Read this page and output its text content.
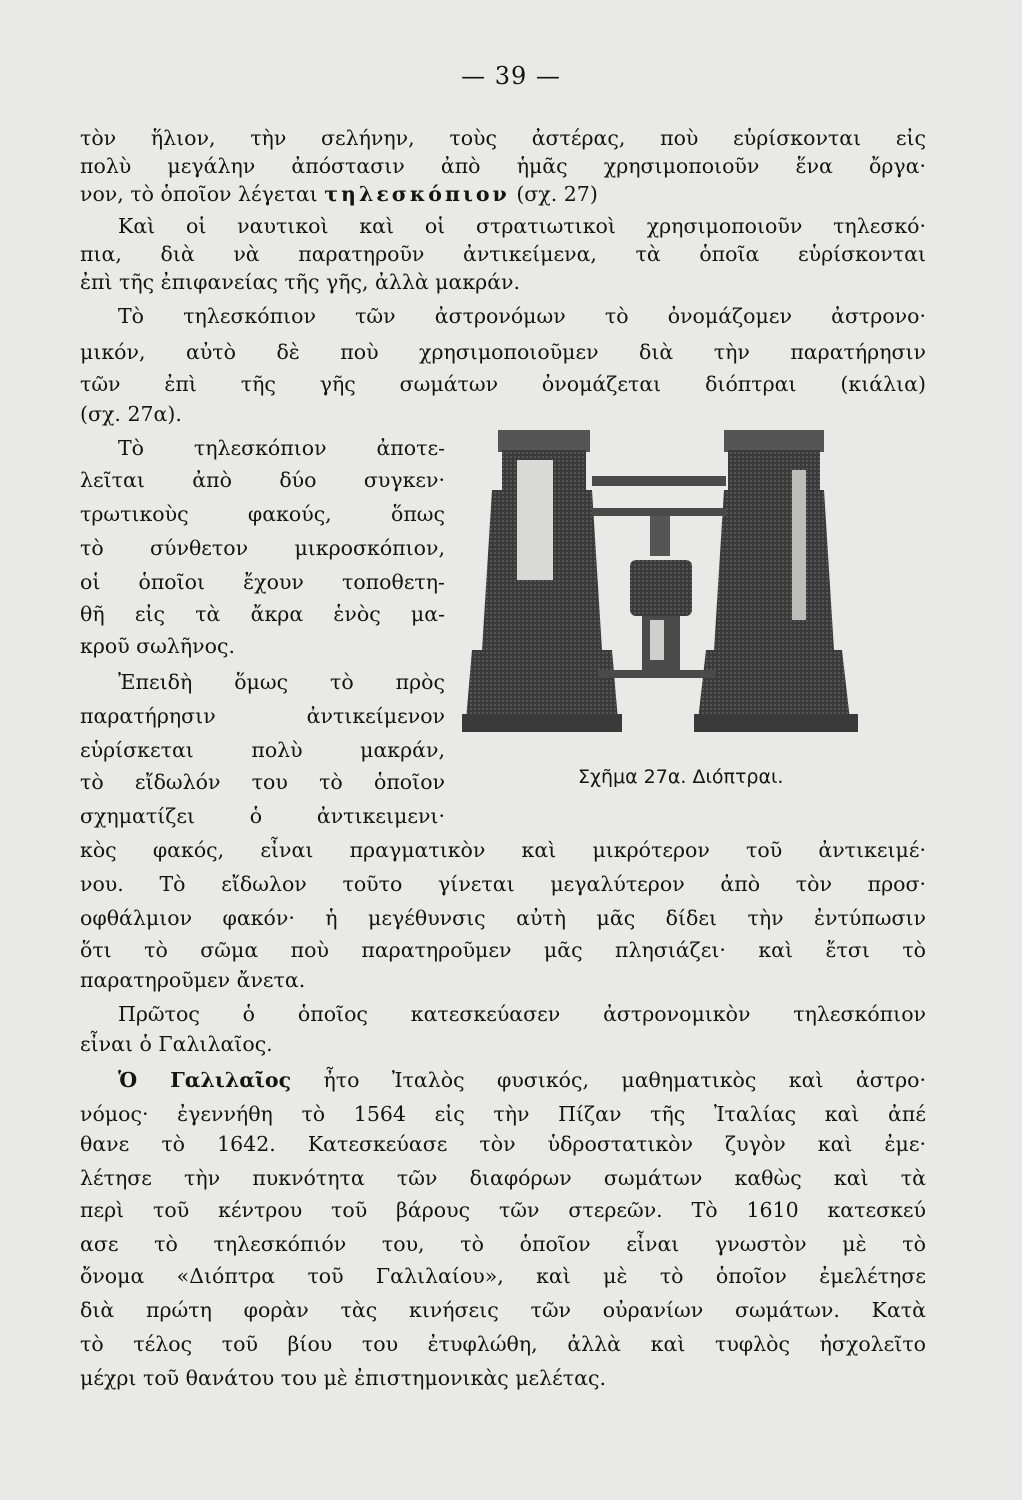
— 39 —
τὸν ἥλιον, τὴν σελήνην, τοὺς ἀστέρας, ποὺ εὑρίσκονται εἰς
πολὺ μεγάλην ἀπόστασιν ἀπὸ ἡμᾶς χρησιμοποιοῦν ἕνα ὄργα·
νον, τὸ ὁποῖον λέγεται τηλεσκόπιον (σχ. 27)
Καὶ οἱ ναυτικοὶ καὶ οἱ στρατιωτικοὶ χρησιμοποιοῦν τηλεσκό·
πια, διὰ νὰ παρατηροῦν ἀντικείμενα, τὰ ὁποῖα εὑρίσκονται
ἐπὶ τῆς ἐπιφανείας τῆς γῆς, ἀλλὰ μακράν.
Τὸ τηλεσκόπιον τῶν ἀστρονόμων τὸ ὀνομάζομεν ἀστρονο·
μικόν, αὐτὸ δὲ ποὺ χρησιμοποιοῦμεν διὰ τὴν παρατήρησιν
τῶν ἐπὶ τῆς γῆς σωμάτων ὀνομάζεται διόπτραι (κιάλια)
(σχ. 27α).
Τὸ τηλεσκόπιον ἀποτε-
λεῖται ἀπὸ δύο συγκεν·
τρωτικοὺς φακούς, ὅπως
τὸ σύνθετον μικροσκόπιον,
οἱ ὁποῖοι ἔχουν τοποθετη-
θῆ εἰς τὰ ἄκρα ἑνὸς μα-
κροῦ σωλῆνος.
Ἐπειδὴ ὅμως τὸ πρὸς
παρατήρησιν ἀντικείμενον
εὑρίσκεται πολὺ μακράν,
τὸ εἴδωλόν του τὸ ὁποῖον
σχηματίζει ὁ ἀντικειμενι·
κὸς φακός, εἶναι πραγματικὸν καὶ μικρότερον τοῦ ἀντικειμέ·
νου. Τὸ εἴδωλον τοῦτο γίνεται μεγαλύτερον ἀπὸ τὸν προσ·
οφθάλμιον φακόν· ἡ μεγέθυνσις αὐτὴ μᾶς δίδει τὴν ἐντύπωσιν
ὅτι τὸ σῶμα ποὺ παρατηροῦμεν μᾶς πλησιάζει· καὶ ἔτσι τὸ
παρατηροῦμεν ἄνετα.
Πρῶτος ὁ ὁποῖος κατεσκεύασεν ἀστρονομικὸν τηλεσκόπιον
εἶναι ὁ Γαλιλαῖος.
Ὁ Γαλιλαῖος ἦτο Ἰταλὸς φυσικός, μαθηματικὸς καὶ ἀστρο·
νόμος· ἐγεννήθη τὸ 1564 εἰς τὴν Πίζαν τῆς Ἰταλίας καὶ ἀπέ
θανε τὸ 1642. Κατεσκεύασε τὸν ὑδροστατικὸν ζυγὸν καὶ ἐμε·
λέτησε τὴν πυκνότητα τῶν διαφόρων σωμάτων καθὼς καὶ τὰ
περὶ τοῦ κέντρου τοῦ βάρους τῶν στερεῶν. Τὸ 1610 κατεσκεύ
ασε τὸ τηλεσκόπιόν του, τὸ ὁποῖον εἶναι γνωστὸν μὲ τὸ
ὄνομα «Διόπτρα τοῦ Γαλιλαίου», καὶ μὲ τὸ ὁποῖον ἐμελέτησε
διὰ πρώτη φορὰν τὰς κινήσεις τῶν οὐρανίων σωμάτων. Κατὰ
τὸ τέλος τοῦ βίου του ἐτυφλώθη, ἀλλὰ καὶ τυφλὸς ἠσχολεῖτο
μέχρι τοῦ θανάτου του μὲ ἐπιστημονικὰς μελέτας.
Σχῆμα 27α. Διόπτραι.
